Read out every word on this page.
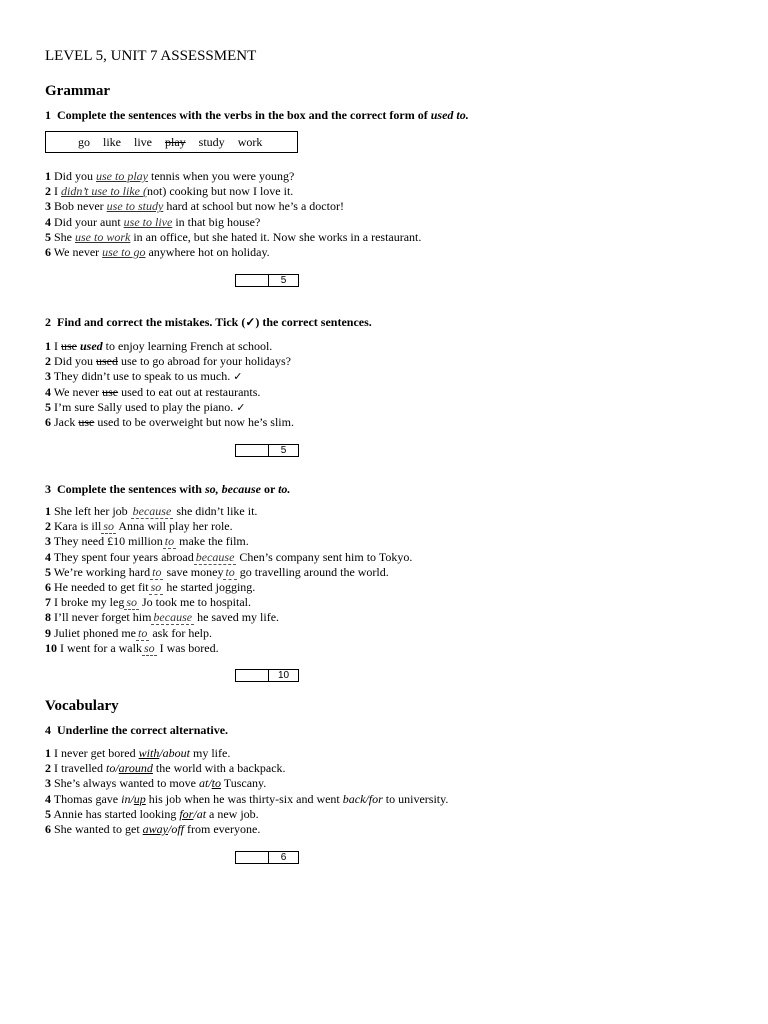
LEVEL 5, UNIT 7 ASSESSMENT
Grammar
1 Complete the sentences with the verbs in the box and the correct form of used to.
go like live play study work
1 Did you use to play tennis when you were young?
2 I didn’t use to like (not) cooking but now I love it.
3 Bob never use to study hard at school but now he’s a doctor!
4 Did your aunt use to live in that big house?
5 She use to work in an office, but she hated it. Now she works in a restaurant.
6 We never use to go anywhere hot on holiday.
5
2 Find and correct the mistakes. Tick (✓) the correct sentences.
1 I use used to enjoy learning French at school.
2 Did you used use to go abroad for your holidays?
3 They didn’t use to speak to us much. ✓
4 We never use used to eat out at restaurants.
5 I’m sure Sally used to play the piano. ✓
6 Jack use used to be overweight but now he’s slim.
5
3 Complete the sentences with so, because or to.
1 She left her job because she didn’t like it.
2 Kara is ill so Anna will play her role.
3 They need £10 million to make the film.
4 They spent four years abroad because Chen’s company sent him to Tokyo.
5 We’re working hard to save money to go travelling around the world.
6 He needed to get fit so he started jogging.
7 I broke my leg so Jo took me to hospital.
8 I’ll never forget him because he saved my life.
9 Juliet phoned me to ask for help.
10 I went for a walk so I was bored.
10
Vocabulary
4 Underline the correct alternative.
1 I never get bored with/about my life.
2 I travelled to/around the world with a backpack.
3 She’s always wanted to move at/to Tuscany.
4 Thomas gave in/up his job when he was thirty-six and went back/for to university.
5 Annie has started looking for/at a new job.
6 She wanted to get away/off from everyone.
6
